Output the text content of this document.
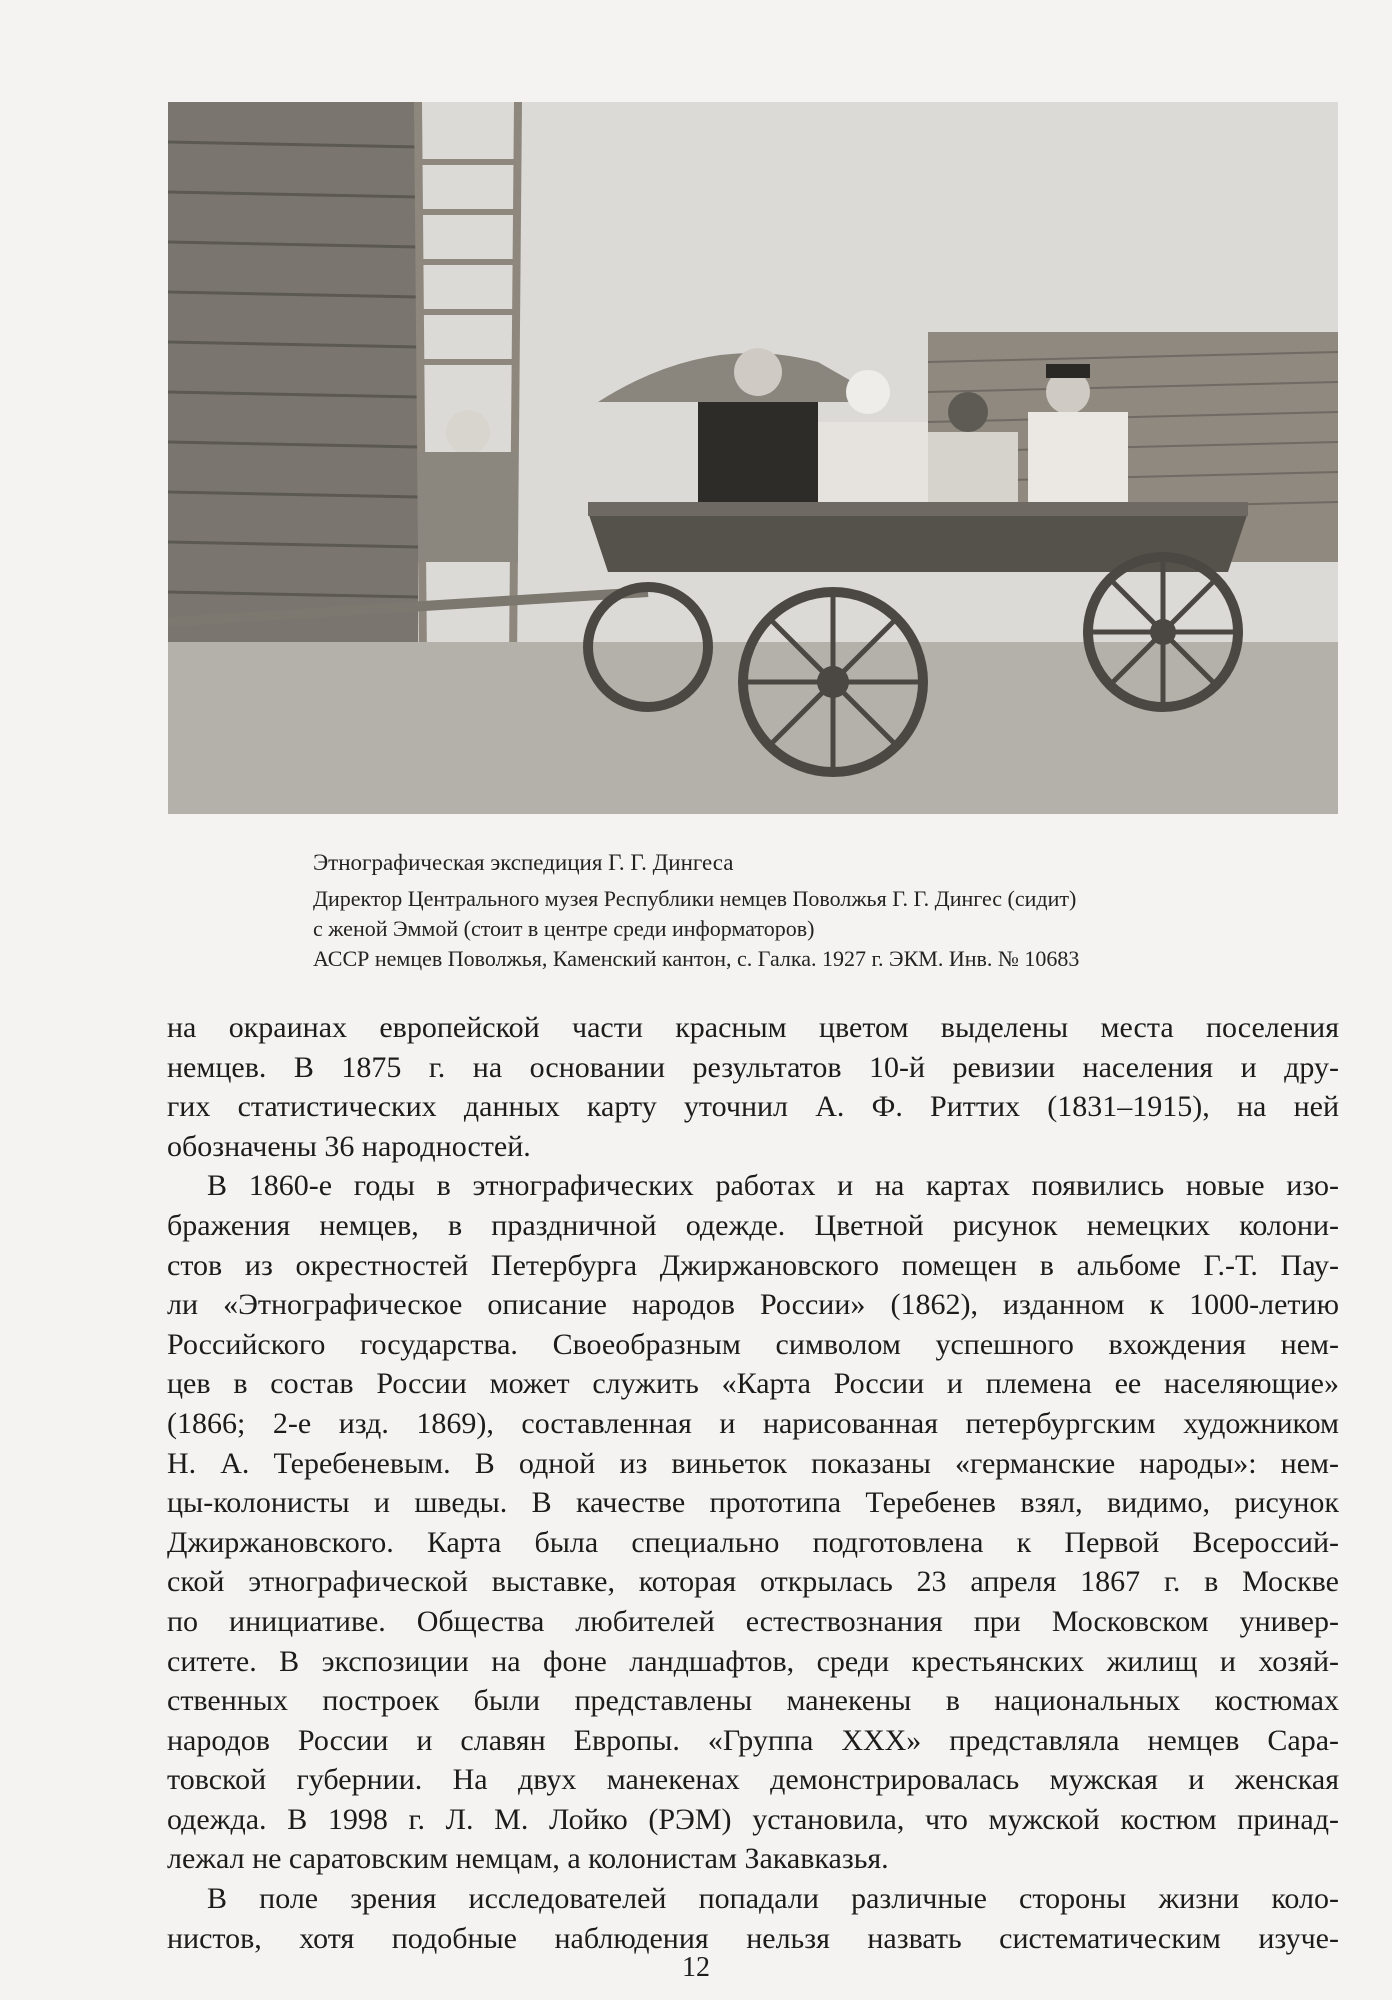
Этнографическая экспедиция Г. Г. Дингеса
Директор Центрального музея Республики немцев Поволжья Г. Г. Дингес (сидит)
с женой Эммой (стоит в центре среди информаторов)
АССР немцев Поволжья, Каменский кантон, с. Галка. 1927 г. ЭКМ. Инв. № 10683

на окраинах европейской части красным цветом выделены места поселения
немцев. В 1875 г. на основании результатов 10-й ревизии населения и дру-
гих статистических данных карту уточнил А. Ф. Риттих (1831–1915), на ней
обозначены 36 народностей.

В 1860-е годы в этнографических работах и на картах появились новые изо-
бражения немцев, в праздничной одежде. Цветной рисунок немецких колони-
стов из окрестностей Петербурга Джиржановского помещен в альбоме Г.-Т. Пау-
ли «Этнографическое описание народов России» (1862), изданном к 1000-летию
Российского государства. Своеобразным символом успешного вхождения нем-
цев в состав России может служить «Карта России и племена ее населяющие»
(1866; 2-е изд. 1869), составленная и нарисованная петербургским художником
Н. А. Теребеневым. В одной из виньеток показаны «германские народы»: нем-
цы-колонисты и шведы. В качестве прототипа Теребенев взял, видимо, рисунок
Джиржановского. Карта была специально подготовлена к Первой Всероссий-
ской этнографической выставке, которая открылась 23 апреля 1867 г. в Москве
по инициативе. Общества любителей естествознания при Московском универ-
ситете. В экспозиции на фоне ландшафтов, среди крестьянских жилищ и хозяй-
ственных построек были представлены манекены в национальных костюмах
народов России и славян Европы. «Группа XXX» представляла немцев Сара-
товской губернии. На двух манекенах демонстрировалась мужская и женская
одежда. В 1998 г. Л. М. Лойко (РЭМ) установила, что мужской костюм принад-
лежал не саратовским немцам, а колонистам Закавказья.

В поле зрения исследователей попадали различные стороны жизни коло-
нистов, хотя подобные наблюдения нельзя назвать систематическим изуче-

12
